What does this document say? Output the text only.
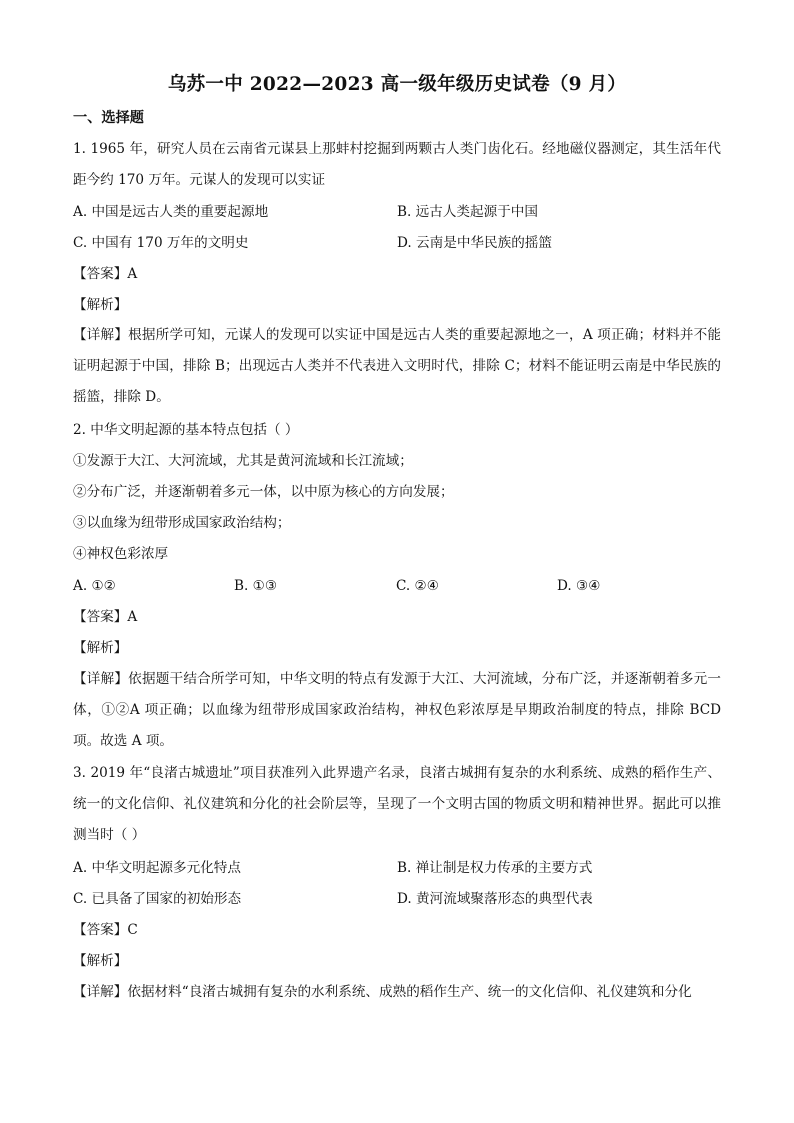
乌苏一中 2022—2023 高一级年级历史试卷（9 月）
一、选择题
1. 1965 年，研究人员在云南省元谋县上那蚌村挖掘到两颗古人类门齿化石。经地磁仪器测定，其生活年代距今约 170 万年。元谋人的发现可以实证
A. 中国是远古人类的重要起源地	B. 远古人类起源于中国
C. 中国有 170 万年的文明史	D. 云南是中华民族的摇篮
【答案】A
【解析】
【详解】根据所学可知，元谋人的发现可以实证中国是远古人类的重要起源地之一，A 项正确；材料并不能证明起源于中国，排除 B；出现远古人类并不代表进入文明时代，排除 C；材料不能证明云南是中华民族的摇篮，排除 D。
2. 中华文明起源的基本特点包括（ ）
①发源于大江、大河流域，尤其是黄河流域和长江流域；
②分布广泛，并逐渐朝着多元一体，以中原为核心的方向发展；
③以血缘为纽带形成国家政治结构；
④神权色彩浓厚
A. ①②	B. ①③	C. ②④	D. ③④
【答案】A
【解析】
【详解】依据题干结合所学可知，中华文明的特点有发源于大江、大河流域，分布广泛，并逐渐朝着多元一体，①②A 项正确；以血缘为纽带形成国家政治结构，神权色彩浓厚是早期政治制度的特点，排除 BCD 项。故选 A 项。
3. 2019 年“良渚古城遗址”项目获准列入此界遗产名录，良渚古城拥有复杂的水利系统、成熟的稻作生产、统一的文化信仰、礼仪建筑和分化的社会阶层等，呈现了一个文明古国的物质文明和精神世界。据此可以推测当时（ ）
A. 中华文明起源多元化特点	B. 禅让制是权力传承的主要方式
C. 已具备了国家的初始形态	D. 黄河流域聚落形态的典型代表
【答案】C
【解析】
【详解】依据材料“良渚古城拥有复杂的水利系统、成熟的稻作生产、统一的文化信仰、礼仪建筑和分化
